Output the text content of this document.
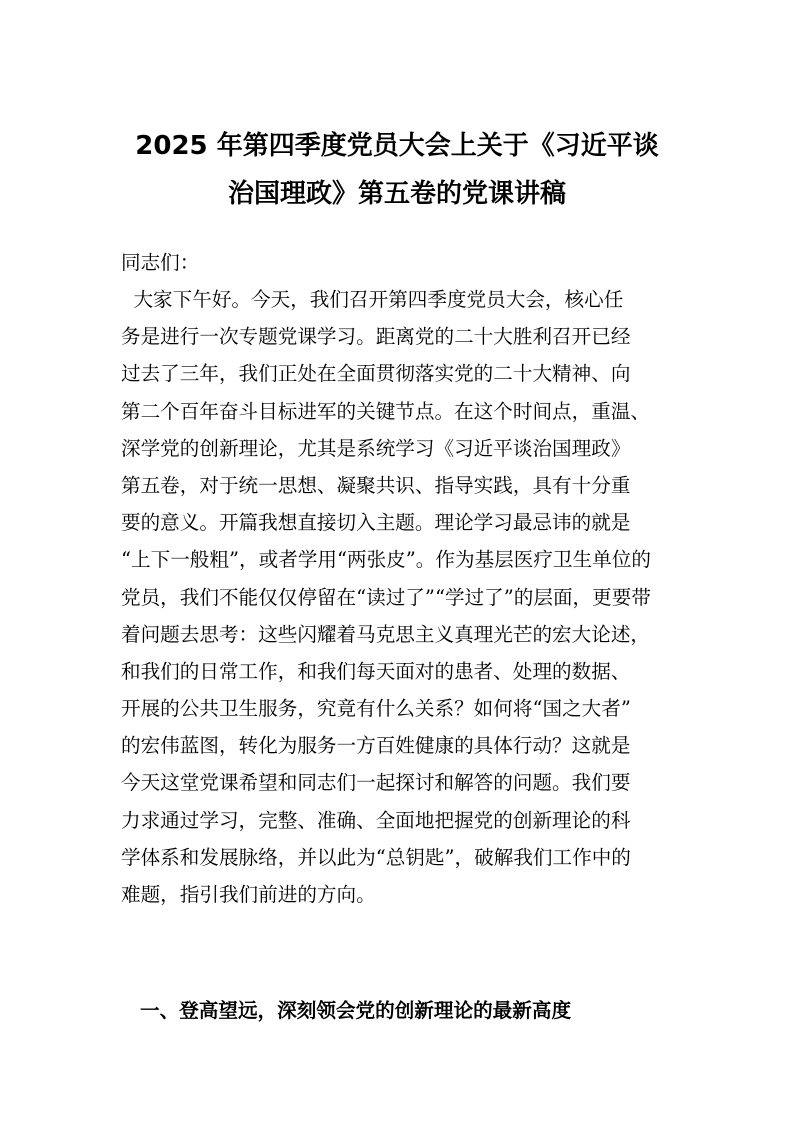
2025 年第四季度党员大会上关于《习近平谈
治国理政》第五卷的党课讲稿

同志们：

大家下午好。今天，我们召开第四季度党员大会，核心任
务是进行一次专题党课学习。距离党的二十大胜利召开已经
过去了三年，我们正处在全面贯彻落实党的二十大精神、向
第二个百年奋斗目标进军的关键节点。在这个时间点，重温、
深学党的创新理论，尤其是系统学习《习近平谈治国理政》
第五卷，对于统一思想、凝聚共识、指导实践，具有十分重
要的意义。开篇我想直接切入主题。理论学习最忌讳的就是
“上下一般粗”，或者学用“两张皮”。作为基层医疗卫生单位的
党员，我们不能仅仅停留在“读过了”“学过了”的层面，更要带
着问题去思考：这些闪耀着马克思主义真理光芒的宏大论述，
和我们的日常工作，和我们每天面对的患者、处理的数据、
开展的公共卫生服务，究竟有什么关系？如何将“国之大者”
的宏伟蓝图，转化为服务一方百姓健康的具体行动？这就是
今天这堂党课希望和同志们一起探讨和解答的问题。我们要
力求通过学习，完整、准确、全面地把握党的创新理论的科
学体系和发展脉络，并以此为“总钥匙”，破解我们工作中的
难题，指引我们前进的方向。
一、登高望远，深刻领会党的创新理论的最新高度
